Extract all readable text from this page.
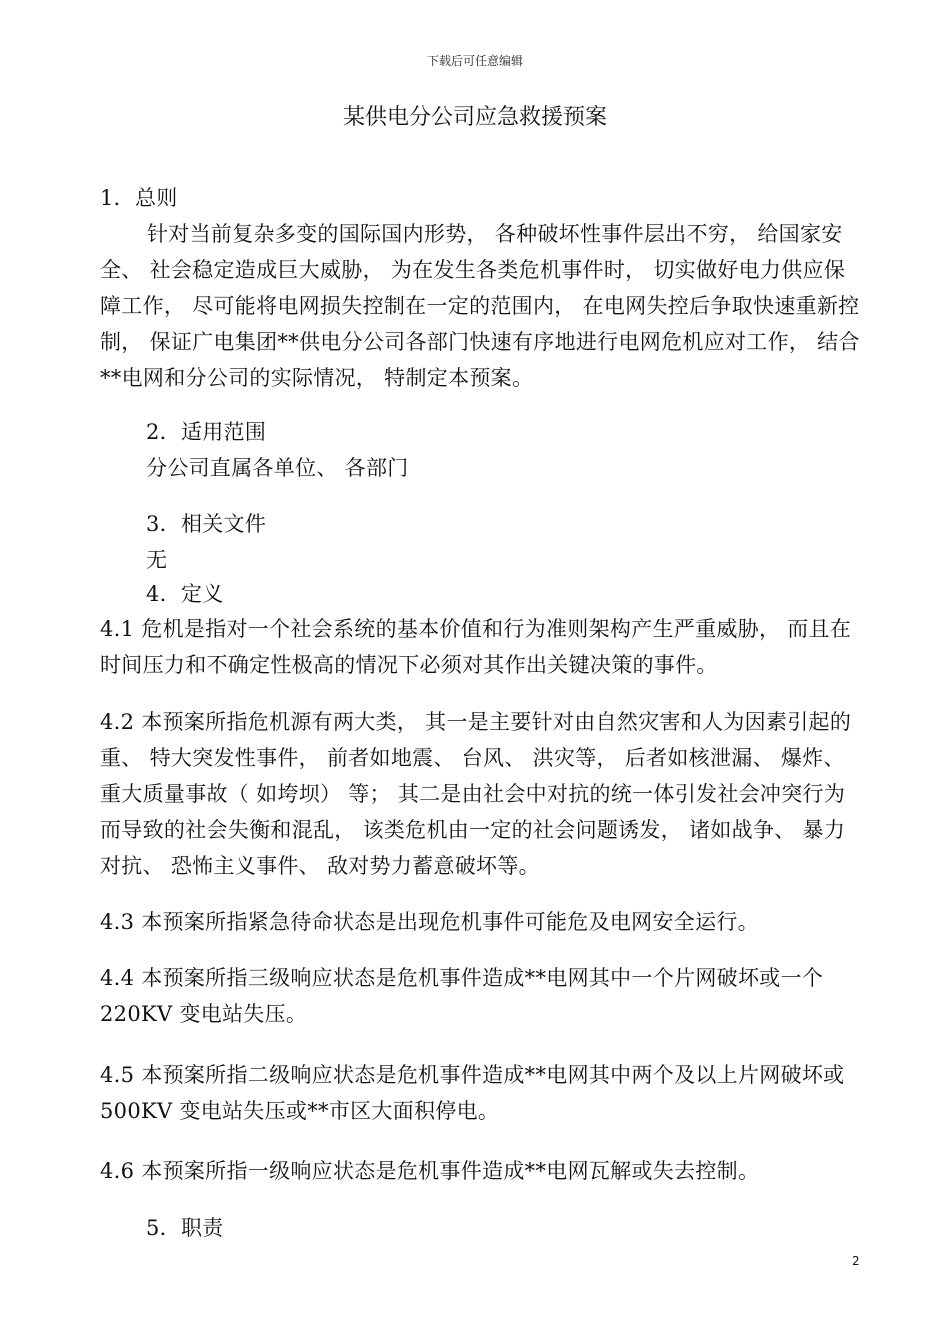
下载后可任意编辑
某供电分公司应急救援预案
1．总则
针对当前复杂多变的国际国内形势， 各种破坏性事件层出不穷， 给国家安全、 社会稳定造成巨大威胁， 为在发生各类危机事件时， 切实做好电力供应保障工作， 尽可能将电网损失控制在一定的范围内， 在电网失控后争取快速重新控制， 保证广电集团**供电分公司各部门快速有序地进行电网危机应对工作， 结合**电网和分公司的实际情况， 特制定本预案。
2．适用范围
分公司直属各单位、 各部门
3．相关文件
无
4．定义
4.1 危机是指对一个社会系统的基本价值和行为准则架构产生严重威胁， 而且在时间压力和不确定性极高的情况下必须对其作出关键决策的事件。
4.2 本预案所指危机源有两大类， 其一是主要针对由自然灾害和人为因素引起的重、 特大突发性事件， 前者如地震、 台风、 洪灾等， 后者如核泄漏、 爆炸、 重大质量事故（ 如垮坝） 等； 其二是由社会中对抗的统一体引发社会冲突行为而导致的社会失衡和混乱， 该类危机由一定的社会问题诱发， 诸如战争、 暴力对抗、 恐怖主义事件、 敌对势力蓄意破坏等。
4.3 本预案所指紧急待命状态是出现危机事件可能危及电网安全运行。
4.4 本预案所指三级响应状态是危机事件造成**电网其中一个片网破坏或一个 220KV 变电站失压。
4.5 本预案所指二级响应状态是危机事件造成**电网其中两个及以上片网破坏或 500KV 变电站失压或**市区大面积停电。
4.6 本预案所指一级响应状态是危机事件造成**电网瓦解或失去控制。
5．职责
2
